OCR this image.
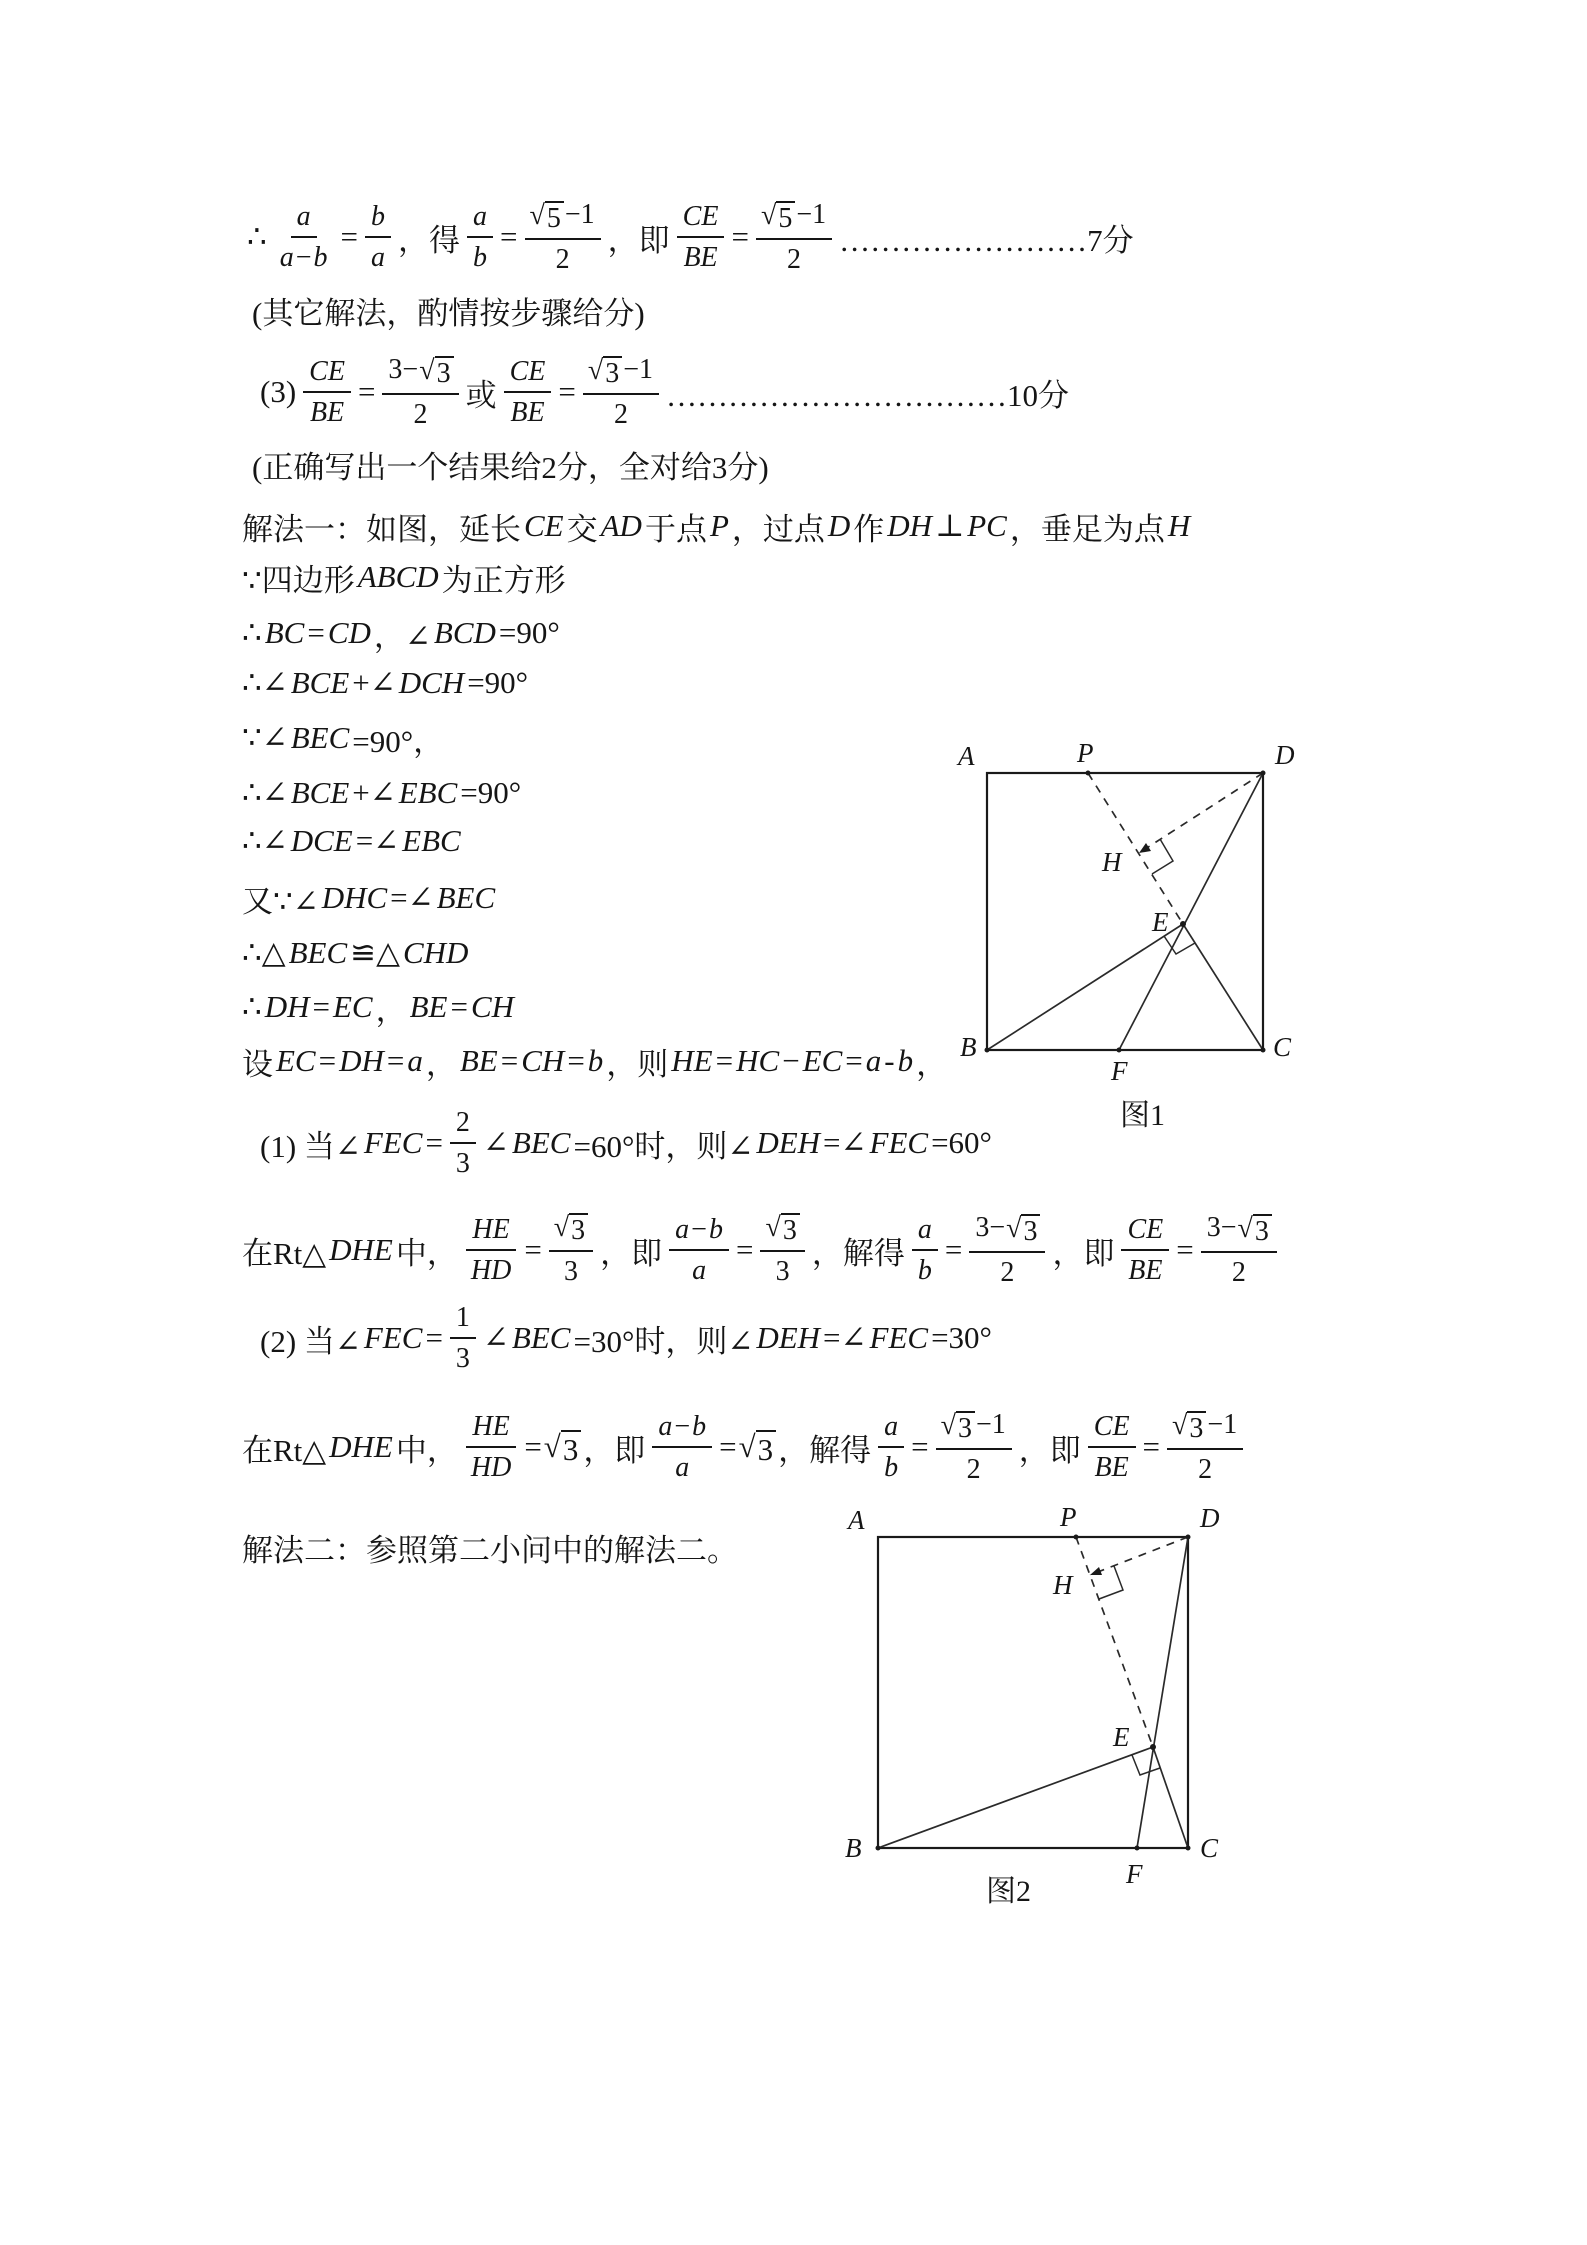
∴ $\frac{a}{a - b} = \frac{b}{a}$ ，得 $\frac{a}{b} = \frac{√ 5 -1}{2}$ ，即 $\frac{CE}{BE} = \frac{√ 5 -1}{2}$ ……………………7分
(其它解法，酌情按步骤给分)
$(3) \frac{CE}{BE} = \frac{3- √ 3}{2}$ 或 $\frac{CE}{BE} = \frac{√ 3 -1}{2}$ ……………………………10分
(正确写出一个结果给2分，全对给3分)
解法一：如图，延长 CE 交 AD 于点 P ，过点 D 作 DH ⊥ PC ，垂足为点 H
∵四边形 ABCD 为正方形
∴ BC = CD ，∠ BCD =90°
∴∠ BCE +∠ DCH =90°
∵∠ BEC =90°，
∴∠ BCE +∠ EBC =90°
∴∠ DCE =∠ EBC
又∵∠ DHC =∠ BEC
∴△ BEC ≌△ CHD
∴ DH = EC ， BE = CH
设 EC = DH = a ， BE = CH = b ，则 HE = HC − EC = a - b ，
(1) 当∠ FEC = $\frac{2}{3}$ ∠ BEC =60°时，则∠ DEH =∠ FEC =60°
在Rt△ DHE 中， $\frac{HE}{HD} = \frac{√ 3}{3}$ ，即 $\frac{a - b}{a} = \frac{√ 3}{3}$ ，解得 $\frac{a}{b} = \frac{3- √ 3}{2}$ ，即 $\frac{CE}{BE} = \frac{3- √ 3}{2}$
(2) 当∠ FEC = $\frac{1}{3}$ ∠ BEC =30°时，则∠ DEH =∠ FEC =30°
在Rt△ DHE 中， $\frac{HE}{HD}$ = √ 3 ，即 $\frac{a - b}{a}$ = √ 3 ，解得 $\frac{a}{b} = \frac{√ 3 -1}{2}$ ，即 $\frac{CE}{BE} = \frac{√ 3 -1}{2}$
解法二：参照第二小问中的解法二。
A	P	D
H
E
B	C
F
图1
A	P	D
H
E
B	C
F
图2
